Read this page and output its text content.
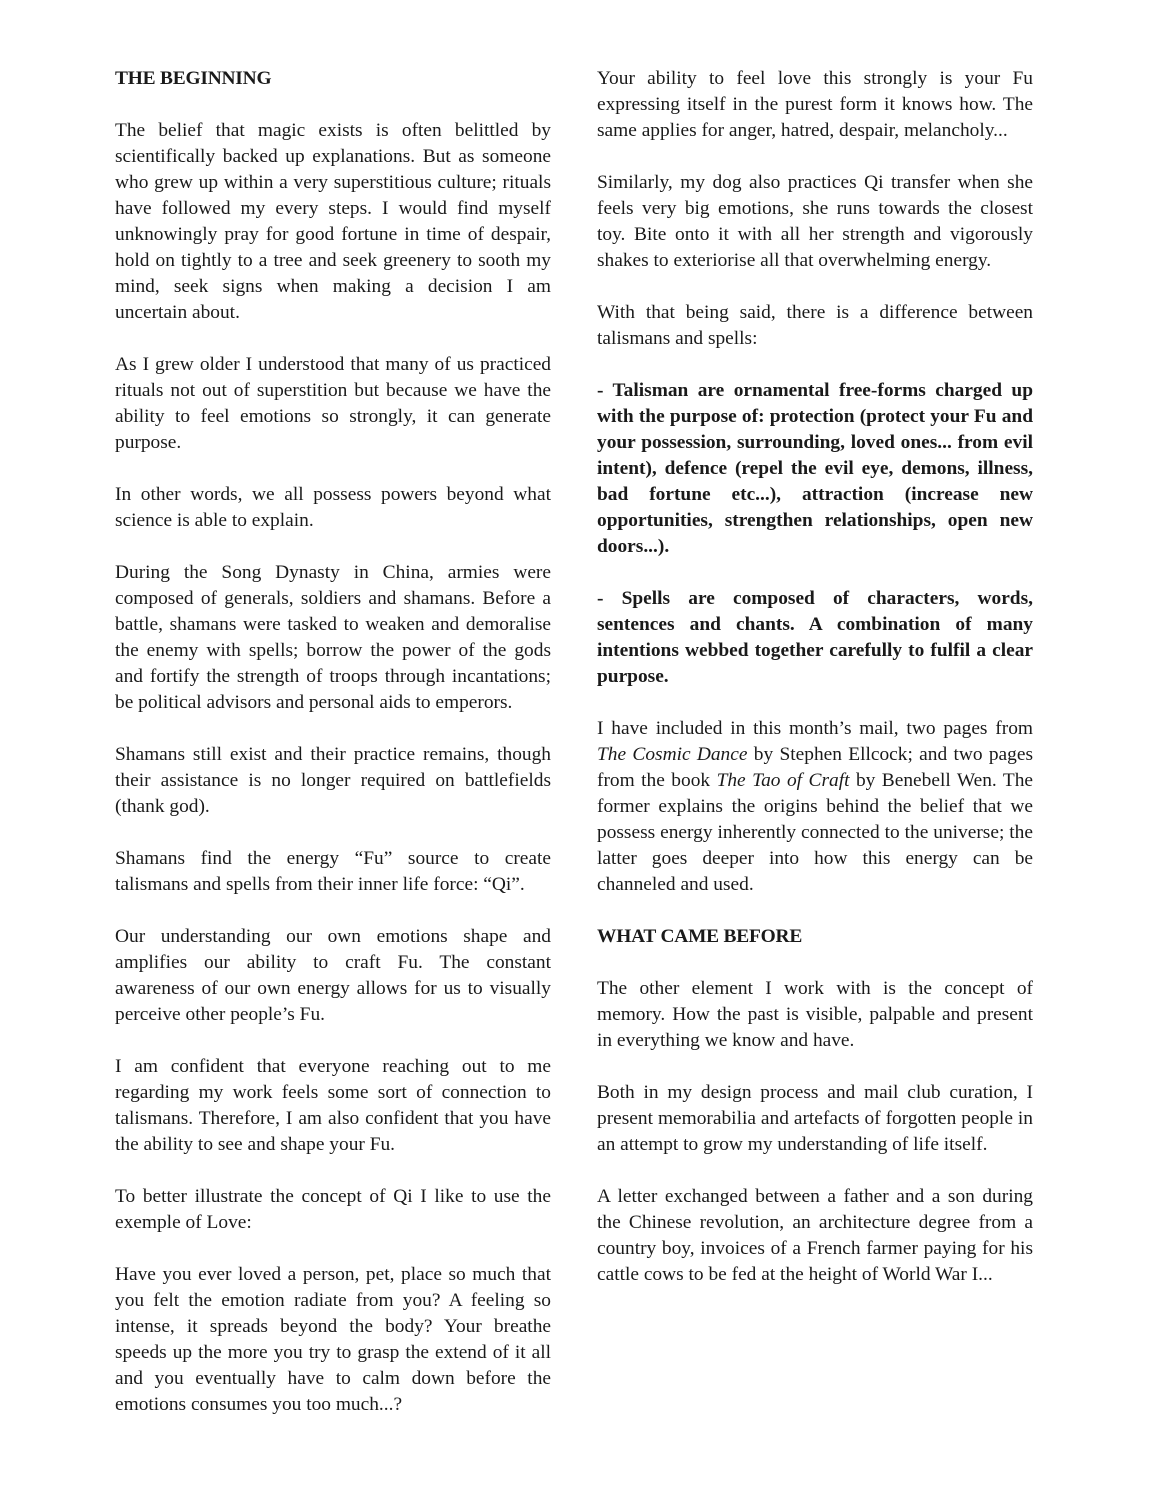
THE BEGINNING

The belief that magic exists is often belittled by scientifically backed up explanations. But as someone who grew up within a very superstitious culture; rituals have followed my every steps. I would find myself unknowingly pray for good fortune in time of despair, hold on tightly to a tree and seek greenery to sooth my mind, seek signs when making a decision I am uncertain about.

As I grew older I understood that many of us practiced rituals not out of superstition but because we have the ability to feel emotions so strongly, it can generate purpose.

In other words, we all possess powers beyond what science is able to explain.

During the Song Dynasty in China, armies were composed of generals, soldiers and shamans. Before a battle, shamans were tasked to weaken and demoralise the enemy with spells; borrow the power of the gods and fortify the strength of troops through incantations; be political advisors and personal aids to emperors.

Shamans still exist and their practice remains, though their assistance is no longer required on battlefields (thank god).

Shamans find the energy “Fu” source to create talismans and spells from their inner life force: “Qi”.

Our understanding our own emotions shape and amplifies our ability to craft Fu. The constant awareness of our own energy allows for us to visually perceive other people’s Fu.

I am confident that everyone reaching out to me regarding my work feels some sort of connection to talismans. Therefore, I am also confident that you have the ability to see and shape your Fu.

To better illustrate the concept of Qi I like to use the exemple of Love:

Have you ever loved a person, pet, place so much that you felt the emotion radiate from you? A feeling so intense, it spreads beyond the body? Your breathe speeds up the more you try to grasp the extend of it all and you eventually have to calm down before the emotions consumes you too much...?

Your ability to feel love this strongly is your Fu expressing itself in the purest form it knows how. The same applies for anger, hatred, despair, melancholy...

Similarly, my dog also practices Qi transfer when she feels very big emotions, she runs towards the closest toy. Bite onto it with all her strength and vigorously shakes to exteriorise all that overwhelming energy.

With that being said, there is a difference between talismans and spells:

- Talisman are ornamental free-forms charged up with the purpose of: protection (protect your Fu and your possession, surrounding, loved ones... from evil intent), defence (repel the evil eye, demons, illness, bad fortune etc...), attraction (increase new opportunities, strengthen relationships, open new doors...).

- Spells are composed of characters, words, sentences and chants. A combination of many intentions webbed together carefully to fulfil a clear purpose.

I have included in this month’s mail, two pages from The Cosmic Dance by Stephen Ellcock; and two pages from the book The Tao of Craft by Benebell Wen. The former explains the origins behind the belief that we possess energy inherently connected to the universe; the latter goes deeper into how this energy can be channeled and used.

WHAT CAME BEFORE

The other element I work with is the concept of memory. How the past is visible, palpable and present in everything we know and have.

Both in my design process and mail club curation, I present memorabilia and artefacts of forgotten people in an attempt to grow my understanding of life itself.

A letter exchanged between a father and a son during the Chinese revolution, an architecture degree from a country boy, invoices of a French farmer paying for his cattle cows to be fed at the height of World War I...
